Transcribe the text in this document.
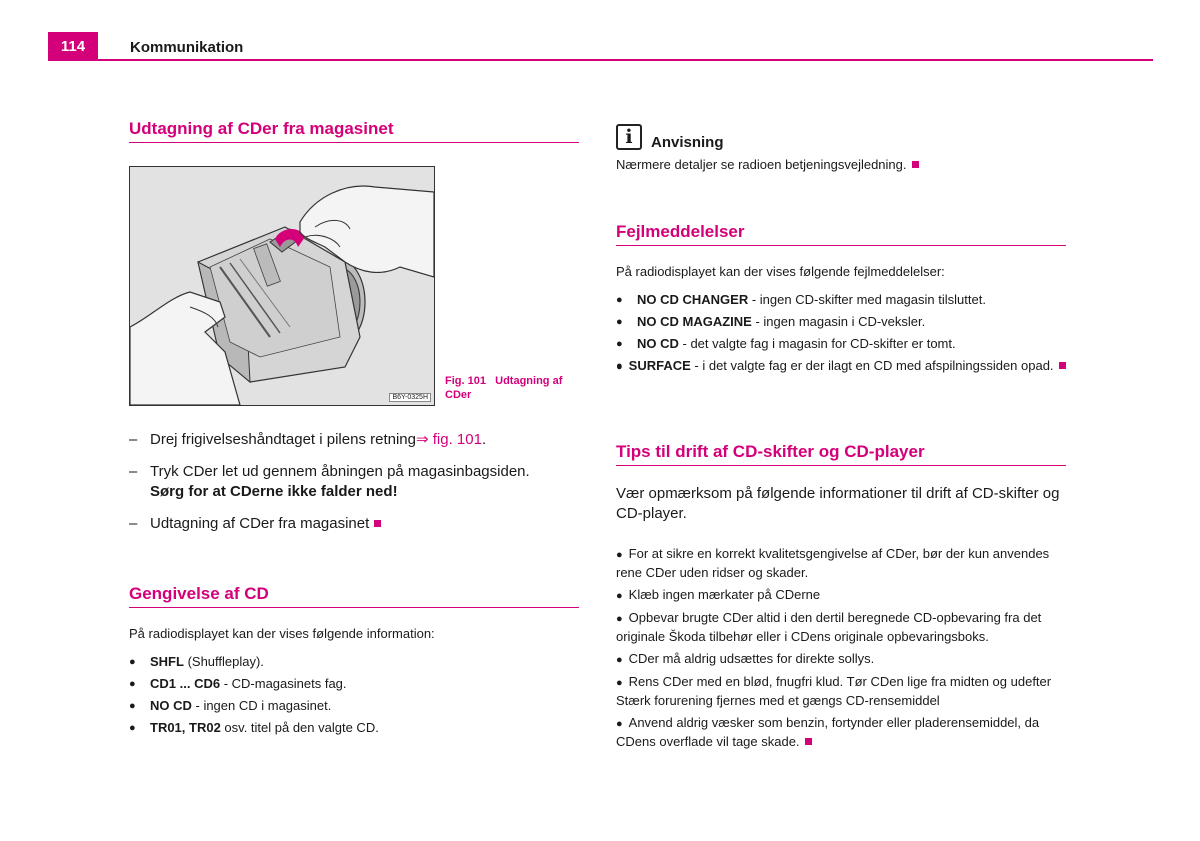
114	Kommunikation
Udtagning af CDer fra magasinet
B6Y-0325H
Fig. 101 Udtagning af CDer
– Drej frigivelseshåndtaget i pilens retning⇒ fig. 101.
– Tryk CDer let ud gennem åbningen på magasinbagsiden.
Sørg for at CDerne ikke falder ned!
– Udtagning af CDer fra magasinet
Gengivelse af CD
På radiodisplayet kan der vises følgende information:
● SHFL (Shuffleplay).
● CD1 ... CD6 - CD-magasinets fag.
● NO CD - ingen CD i magasinet.
● TR01, TR02 osv. titel på den valgte CD.
i	Anvisning
Nærmere detaljer se radioen betjeningsvejledning.
Fejlmeddelelser
På radiodisplayet kan der vises følgende fejlmeddelelser:
● NO CD CHANGER - ingen CD-skifter med magasin tilsluttet.
● NO CD MAGAZINE - ingen magasin i CD-veksler.
● NO CD - det valgte fag i magasin for CD-skifter er tomt.
● ● SURFACE - i det valgte fag er der ilagt en CD med afspilningssiden opad.
Tips til drift af CD-skifter og CD-player
Vær opmærksom på følgende informationer til drift af CD-skifter og CD-player.
● For at sikre en korrekt kvalitetsgengivelse af CDer, bør der kun anvendes rene CDer uden ridser og skader.
● Klæb ingen mærkater på CDerne
● Opbevar brugte CDer altid i den dertil beregnede CD-opbevaring fra det originale Škoda tilbehør eller i CDens originale opbevaringsboks.
● CDer må aldrig udsættes for direkte sollys.
● Rens CDer med en blød, fnugfri klud. Tør CDen lige fra midten og udefter Stærk forurening fjernes med et gængs CD-rensemiddel
● Anvend aldrig væsker som benzin, fortynder eller pladerensemiddel, da CDens overflade vil tage skade.
